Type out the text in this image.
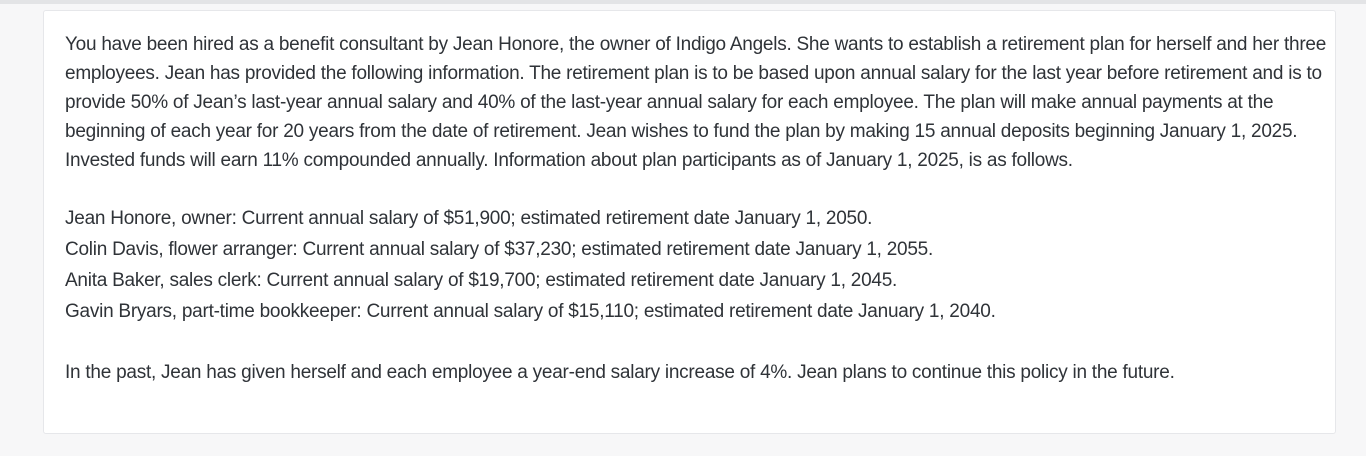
You have been hired as a benefit consultant by Jean Honore, the owner of Indigo Angels. She wants to establish a retirement plan for herself and her three employees. Jean has provided the following information. The retirement plan is to be based upon annual salary for the last year before retirement and is to provide 50% of Jean’s last-year annual salary and 40% of the last-year annual salary for each employee. The plan will make annual payments at the beginning of each year for 20 years from the date of retirement. Jean wishes to fund the plan by making 15 annual deposits beginning January 1, 2025. Invested funds will earn 11% compounded annually. Information about plan participants as of January 1, 2025, is as follows.

Jean Honore, owner: Current annual salary of $51,900; estimated retirement date January 1, 2050.
Colin Davis, flower arranger: Current annual salary of $37,230; estimated retirement date January 1, 2055.
Anita Baker, sales clerk: Current annual salary of $19,700; estimated retirement date January 1, 2045.
Gavin Bryars, part-time bookkeeper: Current annual salary of $15,110; estimated retirement date January 1, 2040.

In the past, Jean has given herself and each employee a year-end salary increase of 4%. Jean plans to continue this policy in the future.
